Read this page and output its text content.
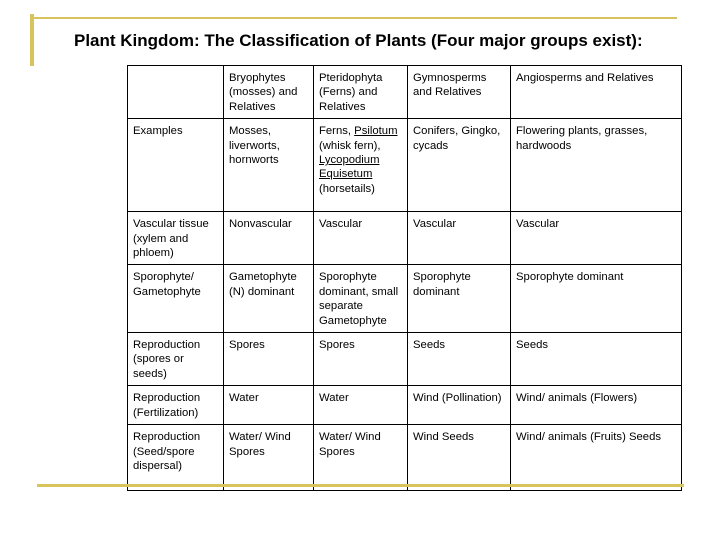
Plant Kingdom: The Classification of Plants (Four major groups exist):
	Bryophytes (mosses) and Relatives	Pteridophyta (Ferns) and Relatives	Gymnosperms and Relatives	Angiosperms and Relatives
Examples	Mosses, liverworts, hornworts	Ferns, Psilotum (whisk fern), Lycopodium Equisetum (horsetails)	Conifers, Gingko, cycads	Flowering plants, grasses, hardwoods
Vascular tissue (xylem and phloem)	Nonvascular	Vascular	Vascular	Vascular
Sporophyte/ Gametophyte	Gametophyte (N) dominant	Sporophyte dominant, small separate Gametophyte	Sporophyte dominant	Sporophyte dominant
Reproduction (spores or seeds)	Spores	Spores	Seeds	Seeds
Reproduction (Fertilization)	Water	Water	Wind (Pollination)	Wind/ animals (Flowers)
Reproduction (Seed/spore dispersal)	Water/ Wind Spores	Water/ Wind Spores	Wind Seeds	Wind/ animals (Fruits) Seeds
